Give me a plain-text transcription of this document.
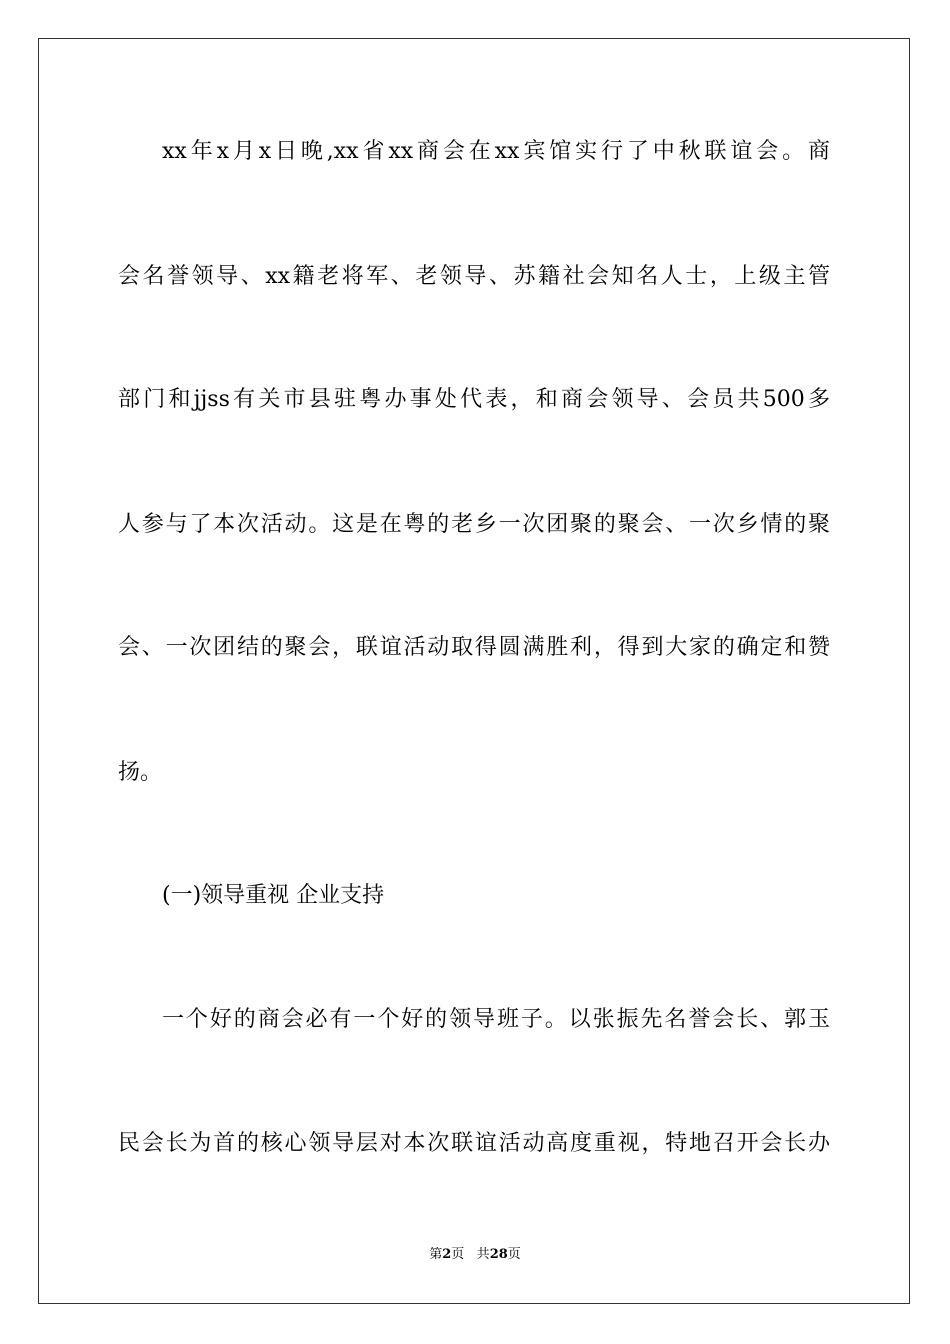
xx年x月x日晚,xx省xx商会在xx宾馆实行了中秋联谊会。商
会名誉领导、xx籍老将军、老领导、苏籍社会知名人士，上级主管
部门和jjss有关市县驻粤办事处代表，和商会领导、会员共500多
人参与了本次活动。这是在粤的老乡一次团聚的聚会、一次乡情的聚
会、一次团结的聚会，联谊活动取得圆满胜利，得到大家的确定和赞
扬。
(一)领导重视 企业支持
一个好的商会必有一个好的领导班子。以张振先名誉会长、郭玉
民会长为首的核心领导层对本次联谊活动高度重视，特地召开会长办
第2页 共28页
